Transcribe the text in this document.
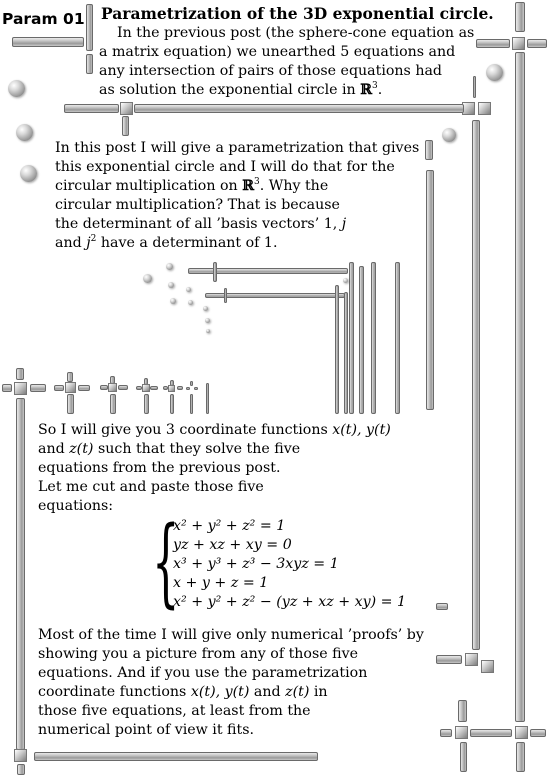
Param 01 Parametrization of the 3D exponential circle.
In the previous post (the sphere-cone equation as
a matrix equation) we unearthed 5 equations and
any intersection of pairs of those equations had
as solution the exponential circle in ℝ$^3$.
In this post I will give a parametrization that gives
this exponential circle and I will do that for the
circular multiplication on ℝ$^3$. Why the
circular multiplication? That is because
the determinant of all ’basis vectors’ 1, j
and $j^2$ have a determinant of 1.
So I will give you 3 coordinate functions x(t), y(t)
and z(t) such that they solve the five
equations from the previous post.
Let me cut and paste those five
equations: {
x² + y² + z² = 1
yz + xz + xy = 0
x³ + y³ + z³ − 3xyz = 1
x + y + z = 1
x² + y² + z² − (yz + xz + xy) = 1
Most of the time I will give only numerical ’proofs’ by
showing you a picture from any of those five
equations. And if you use the parametrization
coordinate functions x(t), y(t) and z(t) in
those five equations, at least from the
numerical point of view it fits.
